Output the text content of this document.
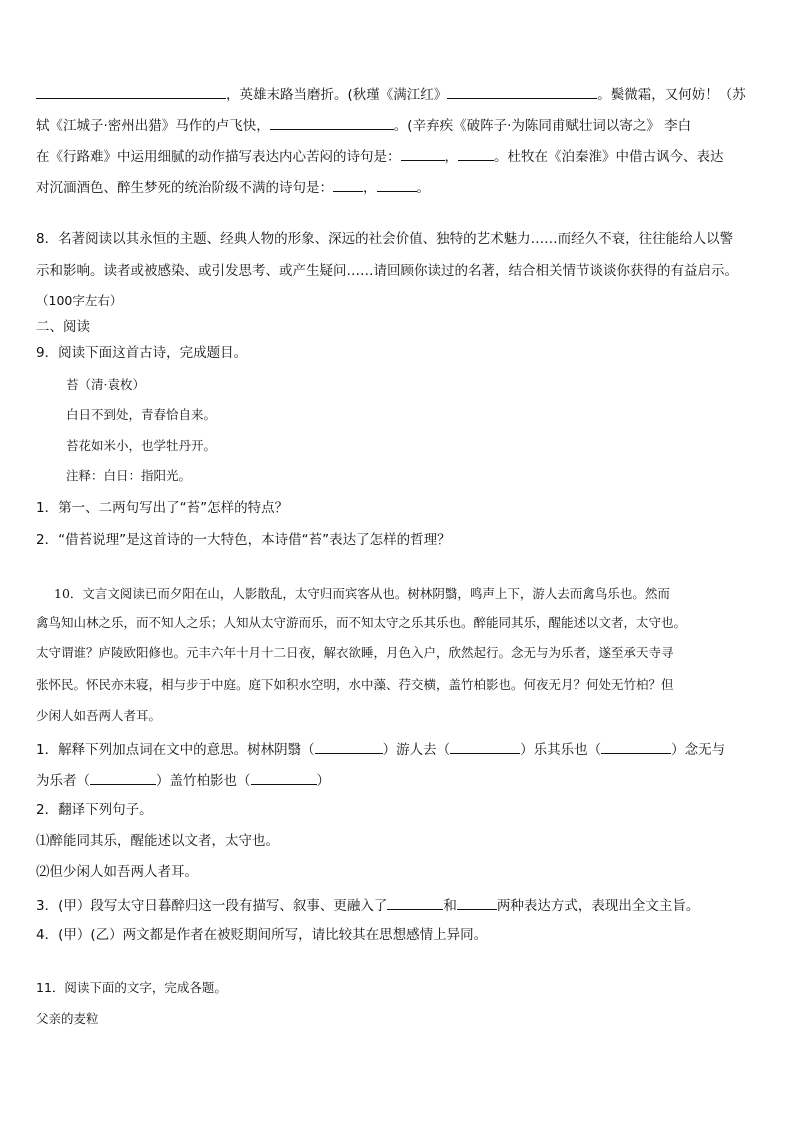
，英雄末路当磨折。(秋瑾《满江红》	。鬓微霜，又何妨！（苏
轼《江城子·密州出猎》马作的卢飞快，	。(辛弃疾《破阵子·为陈同甫赋壮词以寄之》 李白
在《行路难》中运用细腻的动作描写表达内心苦闷的诗句是：	，	。杜牧在《泊秦淮》中借古讽今、表达
对沉湎酒色、醉生梦死的统治阶级不满的诗句是： ，	。
8．名著阅读以其永恒的主题、经典人物的形象、深远的社会价值、独特的艺术魅力……而经久不衰，往往能给人以警
示和影响。读者或被感染、或引发思考、或产生疑问……请回顾你读过的名著，结合相关情节谈谈你获得的有益启示。
（100字左右）
二、阅读
9．阅读下面这首古诗，完成题目。
苔（清·袁枚）
白日不到处，青春恰自来。
苔花如米小，也学牡丹开。
注释：白日：指阳光。
1．第一、二两句写出了“苔”怎样的特点？
2．“借苔说理”是这首诗的一大特色，本诗借“苔”表达了怎样的哲理？
10．文言文阅读已而夕阳在山，人影散乱，太守归而宾客从也。树林阴翳，鸣声上下，游人去而禽鸟乐也。然而
禽鸟知山林之乐，而不知人之乐；人知从太守游而乐，而不知太守之乐其乐也。醉能同其乐，醒能述以文者，太守也。
太守谓谁？庐陵欧阳修也。元丰六年十月十二日夜，解衣欲睡，月色入户，欣然起行。念无与为乐者，遂至承天寺寻
张怀民。怀民亦未寝，相与步于中庭。庭下如积水空明，水中藻、荇交横，盖竹柏影也。何夜无月？何处无竹柏？但
少闲人如吾两人者耳。
1．解释下列加点词在文中的意思。树林阴翳（	）游人去（	）乐其乐也（	）念无与
为乐者（	）盖竹柏影也（	）
2．翻译下列句子。
⑴醉能同其乐，醒能述以文者，太守也。
⑵但少闲人如吾两人者耳。
3．(甲）段写太守日暮醉归这一段有描写、叙事、更融入了	和	两种表达方式，表现出全文主旨。
4．(甲）(乙）两文都是作者在被贬期间所写，请比较其在思想感情上异同。
11．阅读下面的文字，完成各题。
父亲的麦粒
